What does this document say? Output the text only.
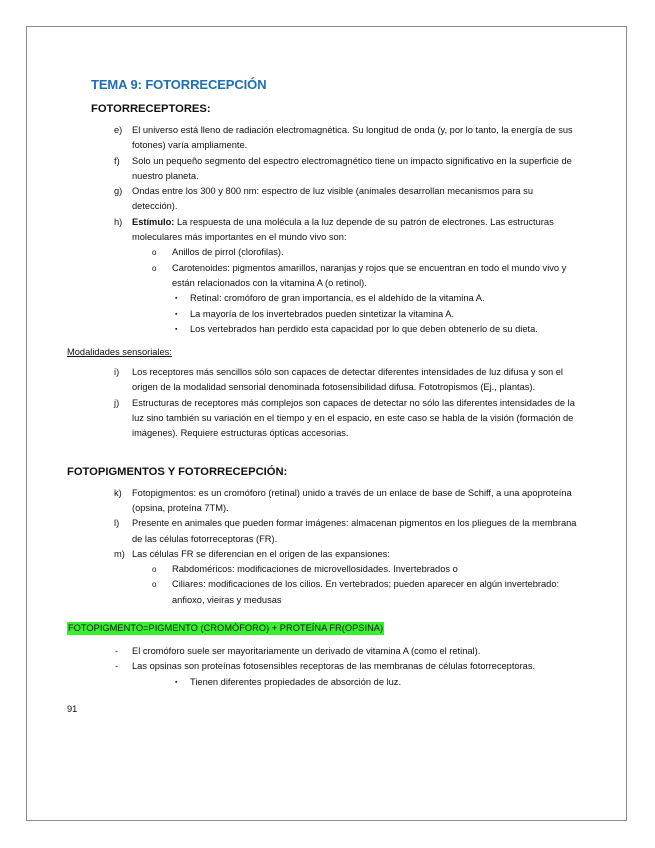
TEMA 9: FOTORRECEPCIÓN
FOTORRECEPTORES:
e) El universo está lleno de radiación electromagnética. Su longitud de onda (y, por lo tanto, la energía de sus fotones) varía ampliamente.
f) Solo un pequeño segmento del espectro electromagnético tiene un impacto significativo en la superficie de nuestro planeta.
g) Ondas entre los 300 y 800 nm: espectro de luz visible (animales desarrollan mecanismos para su detección).
h) Estímulo: La respuesta de una molécula a la luz depende de su patrón de electrones. Las estructuras moleculares más importantes en el mundo vivo son:
o Anillos de pirrol (clorofilas).
o Carotenoides: pigmentos amarillos, naranjas y rojos que se encuentran en todo el mundo vivo y están relacionados con la vitamina A (o retinol).
▪ Retinal: cromóforo de gran importancia, es el aldehído de la vitamina A.
▪ La mayoría de los invertebrados pueden sintetizar la vitamina A.
▪ Los vertebrados han perdido esta capacidad por lo que deben obtenerlo de su dieta.
Modalidades sensoriales:
i) Los receptores más sencillos sólo son capaces de detectar diferentes intensidades de luz difusa y son el origen de la modalidad sensorial denominada fotosensibilidad difusa. Fototropismos (Ej., plantas).
j) Estructuras de receptores más complejos son capaces de detectar no sólo las diferentes intensidades de la luz sino también su variación en el tiempo y en el espacio, en este caso se habla de la visión (formación de imágenes). Requiere estructuras ópticas accesorias.
FOTOPIGMENTOS Y FOTORRECEPCIÓN:
k) Fotopigmentos: es un cromóforo (retinal) unido a través de un enlace de base de Schiff, a una apoproteína (opsina, proteína 7TM).
l) Presente en animales que pueden formar imágenes: almacenan pigmentos en los pliegues de la membrana de las células fotorreceptoras (FR).
m) Las células FR se diferencian en el origen de las expansiones:
o Rabdoméricos: modificaciones de microvellosidades. Invertebrados o
o Ciliares: modificaciones de los cilios. En vertebrados; pueden aparecer en algún invertebrado: anfioxo, vieiras y medusas
FOTOPIGMENTO=PIGMENTO (CROMÓFORO) + PROTEÍNA FR(OPSINA)
- El cromóforo suele ser mayoritariamente un derivado de vitamina A (como el retinal).
- Las opsinas son proteínas fotosensibles receptoras de las membranas de células fotorreceptoras.
▪ Tienen diferentes propiedades de absorción de luz.
91
